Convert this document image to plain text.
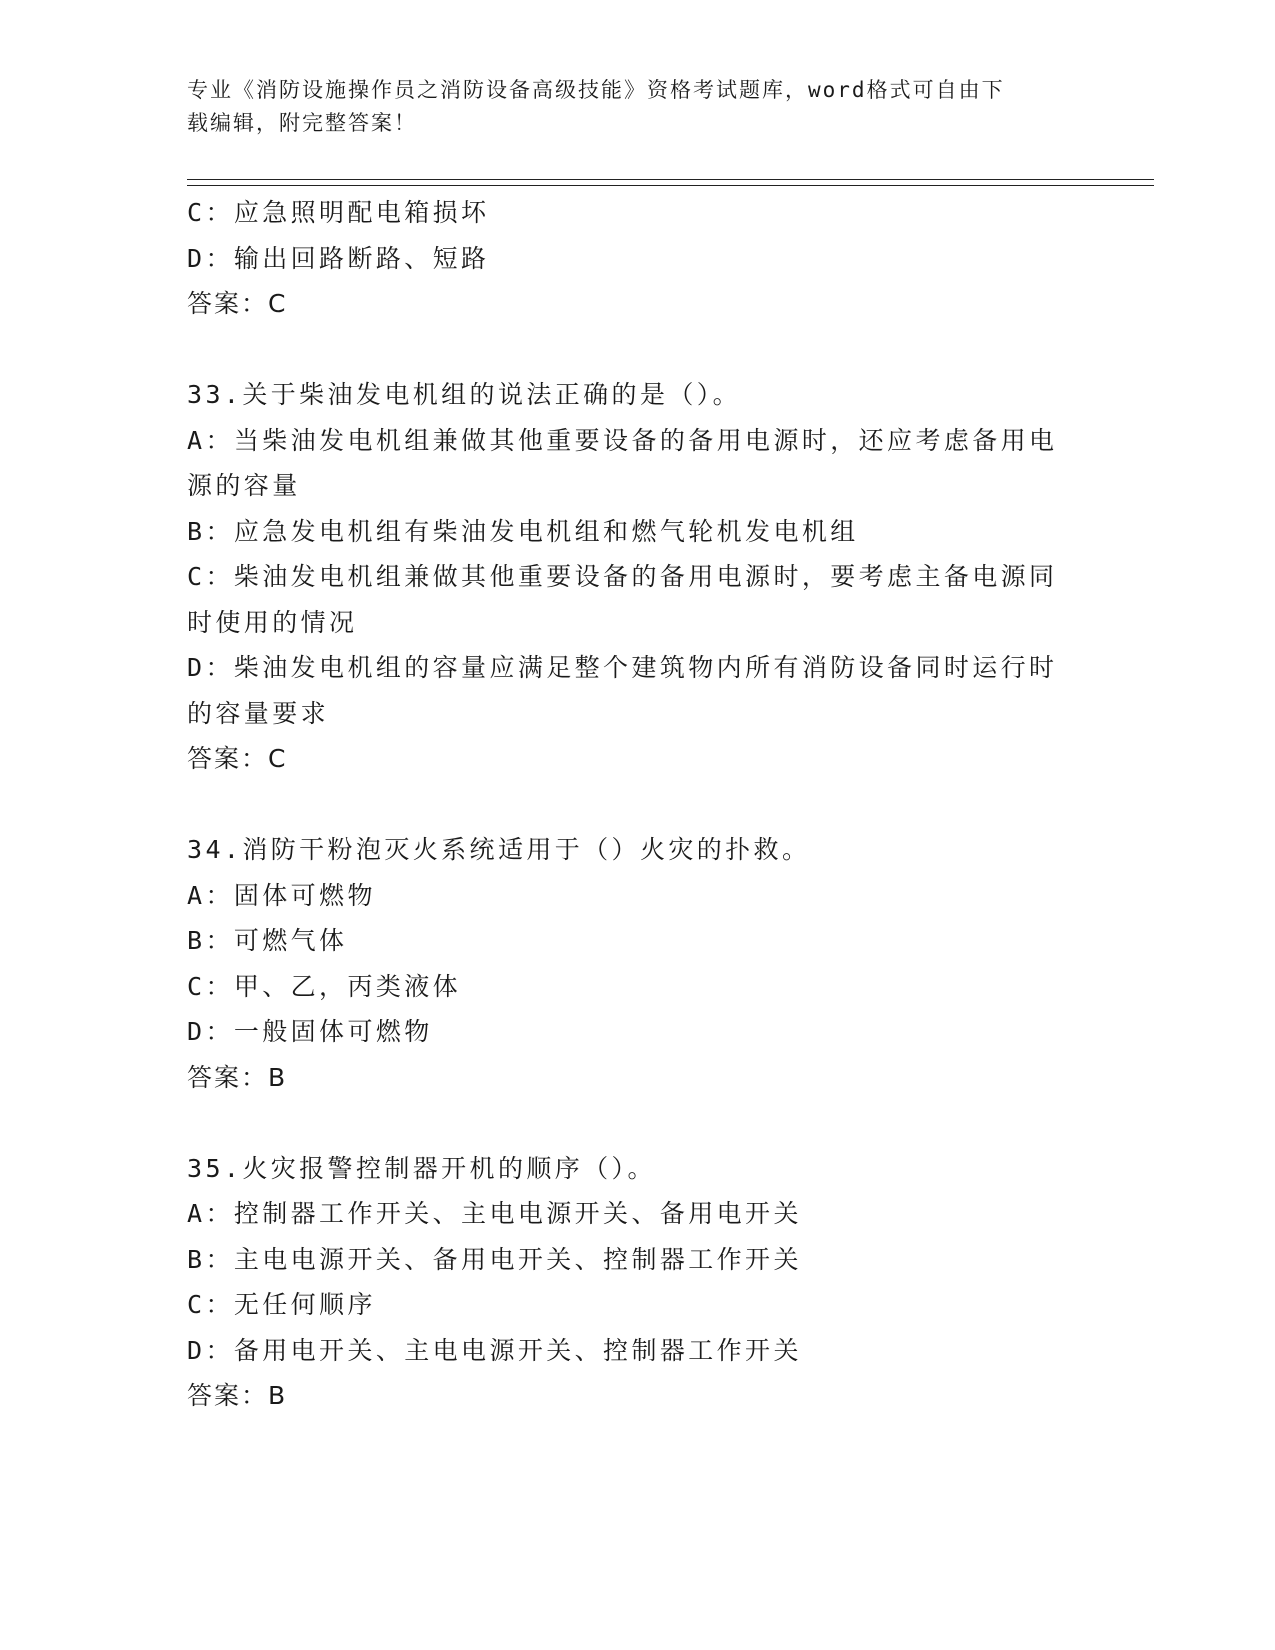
专业《消防设施操作员之消防设备高级技能》资格考试题库，word格式可自由下
载编辑，附完整答案！
C：应急照明配电箱损坏
D：输出回路断路、短路
答案：C
33.关于柴油发电机组的说法正确的是（）。
A：当柴油发电机组兼做其他重要设备的备用电源时，还应考虑备用电
源的容量
B：应急发电机组有柴油发电机组和燃气轮机发电机组
C：柴油发电机组兼做其他重要设备的备用电源时，要考虑主备电源同
时使用的情况
D：柴油发电机组的容量应满足整个建筑物内所有消防设备同时运行时
的容量要求
答案：C
34.消防干粉泡灭火系统适用于（）火灾的扑救。
A：固体可燃物
B：可燃气体
C：甲、乙，丙类液体
D：一般固体可燃物
答案：B
35.火灾报警控制器开机的顺序（）。
A：控制器工作开关、主电电源开关、备用电开关
B：主电电源开关、备用电开关、控制器工作开关
C：无任何顺序
D：备用电开关、主电电源开关、控制器工作开关
答案：B
